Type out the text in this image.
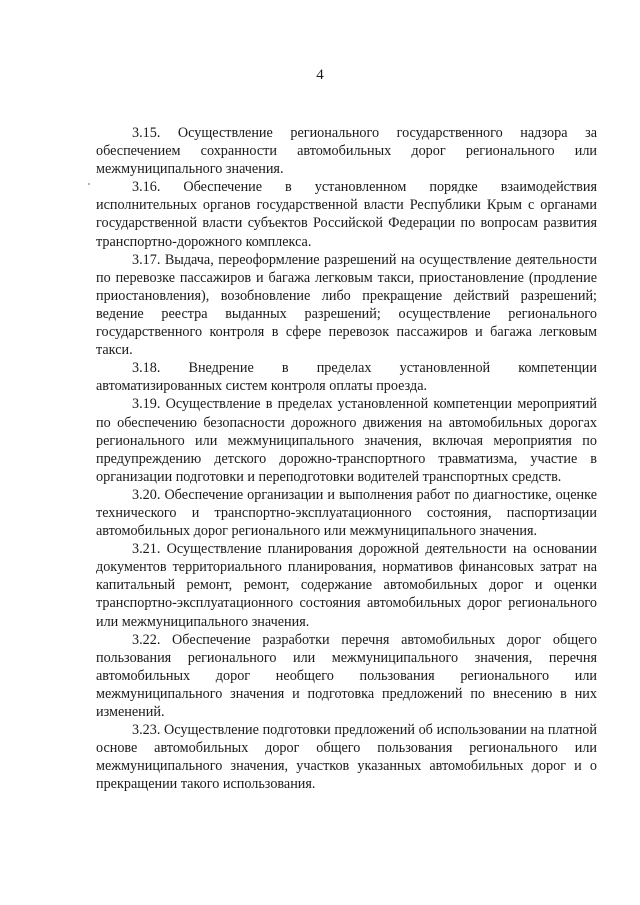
4

3.15. Осуществление регионального государственного надзора за обеспечением сохранности автомобильных дорог регионального или межмуниципального значения.

3.16. Обеспечение в установленном порядке взаимодействия исполнительных органов государственной власти Республики Крым с органами государственной власти субъектов Российской Федерации по вопросам развития транспортно-дорожного комплекса.

3.17. Выдача, переоформление разрешений на осуществление деятельности по перевозке пассажиров и багажа легковым такси, приостановление (продление приостановления), возобновление либо прекращение действий разрешений; ведение реестра выданных разрешений; осуществление регионального государственного контроля в сфере перевозок пассажиров и багажа легковым такси.

3.18. Внедрение в пределах установленной компетенции автоматизированных систем контроля оплаты проезда.

3.19. Осуществление в пределах установленной компетенции мероприятий по обеспечению безопасности дорожного движения на автомобильных дорогах регионального или межмуниципального значения, включая мероприятия по предупреждению детского дорожно-транспортного травматизма, участие в организации подготовки и переподготовки водителей транспортных средств.

3.20. Обеспечение организации и выполнения работ по диагностике, оценке технического и транспортно-эксплуатационного состояния, паспортизации автомобильных дорог регионального или межмуниципального значения.

3.21. Осуществление планирования дорожной деятельности на основании документов территориального планирования, нормативов финансовых затрат на капитальный ремонт, ремонт, содержание автомобильных дорог и оценки транспортно-эксплуатационного состояния автомобильных дорог регионального или межмуниципального значения.

3.22. Обеспечение разработки перечня автомобильных дорог общего пользования регионального или межмуниципального значения, перечня автомобильных дорог необщего пользования регионального или межмуниципального значения и подготовка предложений по внесению в них изменений.

3.23. Осуществление подготовки предложений об использовании на платной основе автомобильных дорог общего пользования регионального или межмуниципального значения, участков указанных автомобильных дорог и о прекращении такого использования.
